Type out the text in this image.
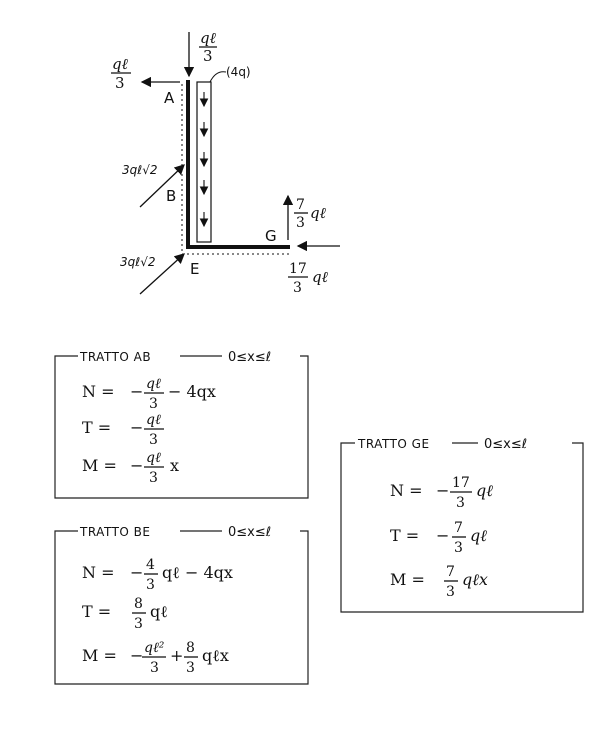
(4q)
qℓ
3
qℓ
3
A
B
E
G
3qℓ√2
3qℓ√2
7
3
qℓ
17
3
qℓ
TRATTO AB	0≤x≤ℓ
N = − qℓ
3
− 4qx
T = − qℓ
3
M = − qℓ
3
x
TRATTO BE	0≤x≤ℓ
N = − 4
3
qℓ − 4qx
T = 8
3
qℓ
M = − qℓ²
3
+ 8
3
qℓx
TRATTO GE	0≤x≤ℓ
N = − 17
3
qℓ
T = − 7
3
qℓ
M = 7
3
qℓx
